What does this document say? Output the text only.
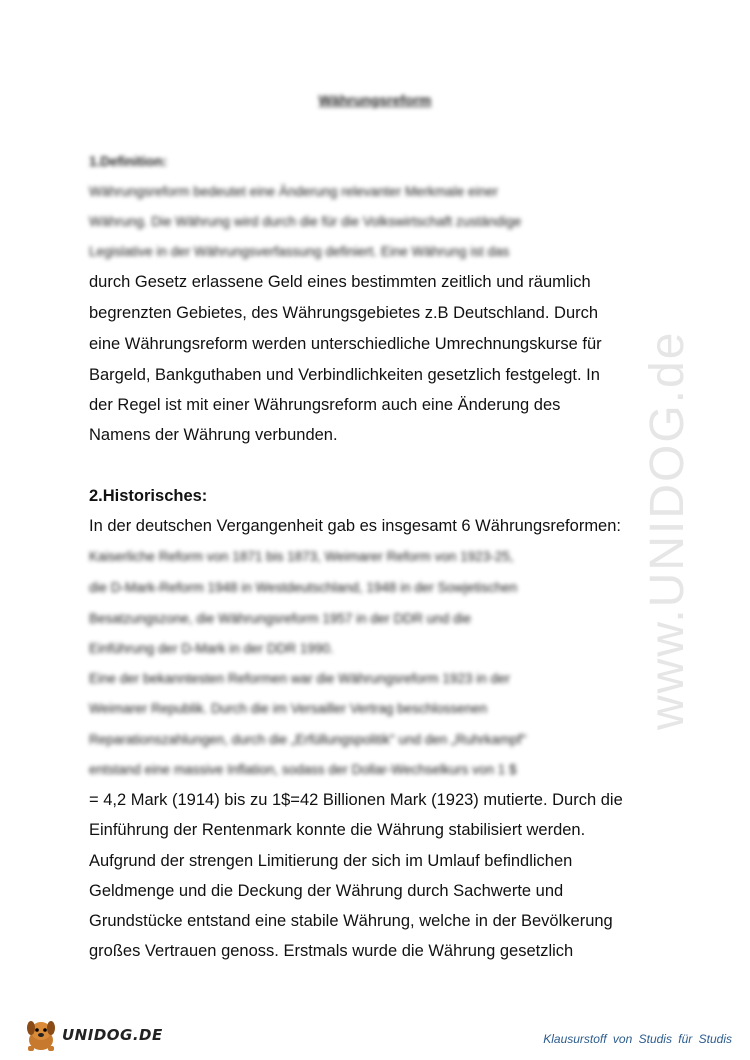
www.UNIDOG.de
Währungsreform
1.Definition:
Währungsreform bedeutet eine Änderung relevanter Merkmale einer
Währung. Die Währung wird durch die für die Volkswirtschaft zuständige
Legislative in der Währungsverfassung definiert. Eine Währung ist das
durch Gesetz erlassene Geld eines bestimmten zeitlich und räumlich
begrenzten Gebietes, des Währungsgebietes z.B Deutschland. Durch
eine Währungsreform werden unterschiedliche Umrechnungskurse für
Bargeld, Bankguthaben und Verbindlichkeiten gesetzlich festgelegt. In
der Regel ist mit einer Währungsreform auch eine Änderung des
Namens der Währung verbunden.
2.Historisches:
In der deutschen Vergangenheit gab es insgesamt 6 Währungsreformen:
Kaiserliche Reform von 1871 bis 1873, Weimarer Reform von 1923-25,
die D-Mark-Reform 1948 in Westdeutschland, 1948 in der Sowjetischen
Besatzungszone, die Währungsreform 1957 in der DDR und die
Einführung der D-Mark in der DDR 1990.
Eine der bekanntesten Reformen war die Währungsreform 1923 in der
Weimarer Republik. Durch die im Versailler Vertrag beschlossenen
Reparationszahlungen, durch die „Erfüllungspolitik" und den „Ruhrkampf"
entstand eine massive Inflation, sodass der Dollar-Wechselkurs von 1 $
= 4,2 Mark (1914) bis zu 1$=42 Billionen Mark (1923) mutierte. Durch die
Einführung der Rentenmark konnte die Währung stabilisiert werden.
Aufgrund der strengen Limitierung der sich im Umlauf befindlichen
Geldmenge und die Deckung der Währung durch Sachwerte und
Grundstücke entstand eine stabile Währung, welche in der Bevölkerung
großes Vertrauen genoss. Erstmals wurde die Währung gesetzlich
UNIDOG.DE	Klausurstoff von Studis für Studis
